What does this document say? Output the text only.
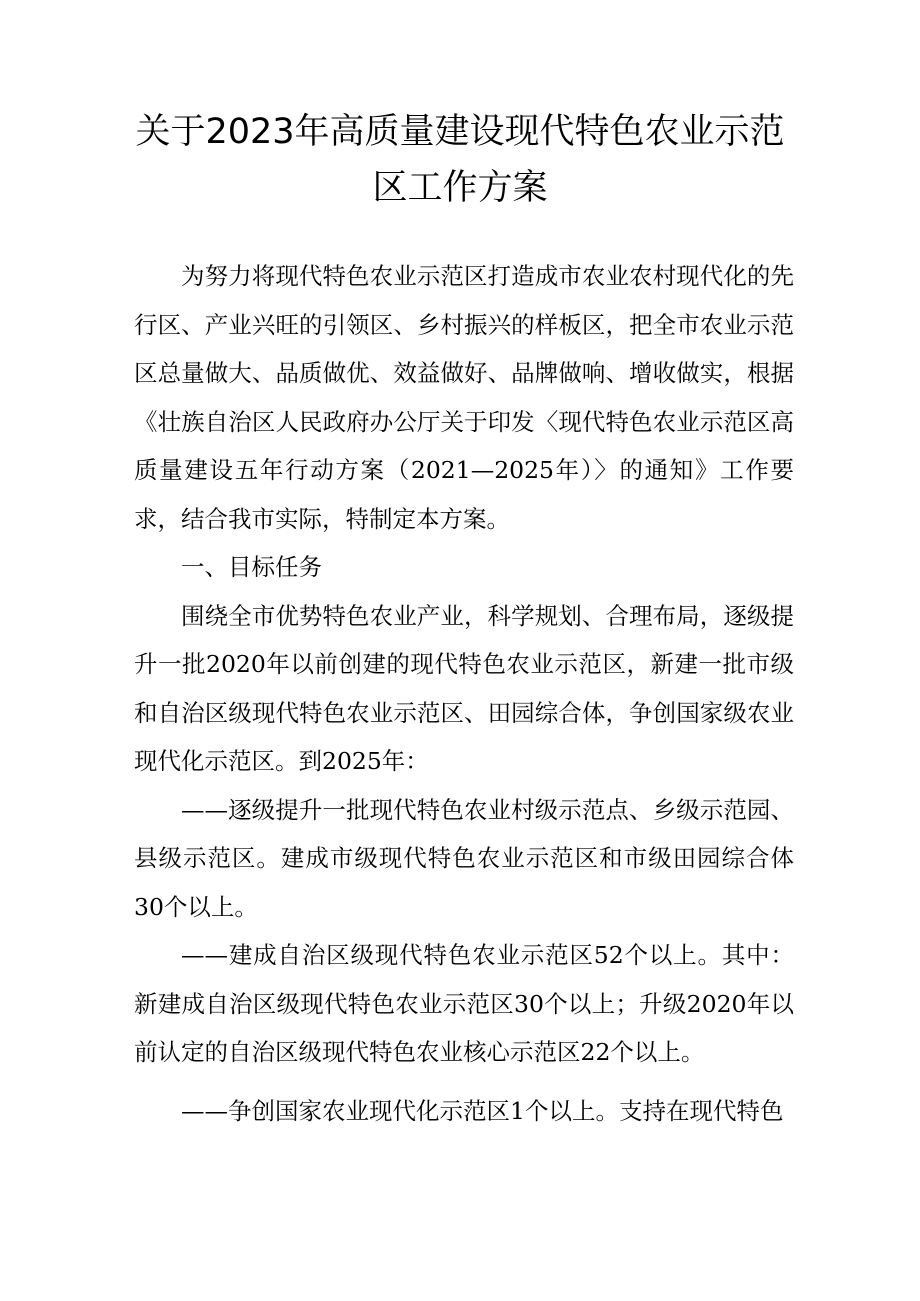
关于2023年高质量建设现代特色农业示范
区工作方案

为努力将现代特色农业示范区打造成市农业农村现代化的先行区、产业兴旺的引领区、乡村振兴的样板区，把全市农业示范区总量做大、品质做优、效益做好、品牌做响、增收做实，根据《壮族自治区人民政府办公厅关于印发〈现代特色农业示范区高质量建设五年行动方案（2021—2025年）〉的通知》工作要求，结合我市实际，特制定本方案。

一、目标任务

围绕全市优势特色农业产业，科学规划、合理布局，逐级提升一批2020年以前创建的现代特色农业示范区，新建一批市级和自治区级现代特色农业示范区、田园综合体，争创国家级农业现代化示范区。到2025年：

——逐级提升一批现代特色农业村级示范点、乡级示范园、县级示范区。建成市级现代特色农业示范区和市级田园综合体30个以上。

——建成自治区级现代特色农业示范区52个以上。其中：新建成自治区级现代特色农业示范区30个以上；升级2020年以前认定的自治区级现代特色农业核心示范区22个以上。

——争创国家农业现代化示范区1个以上。支持在现代特色
